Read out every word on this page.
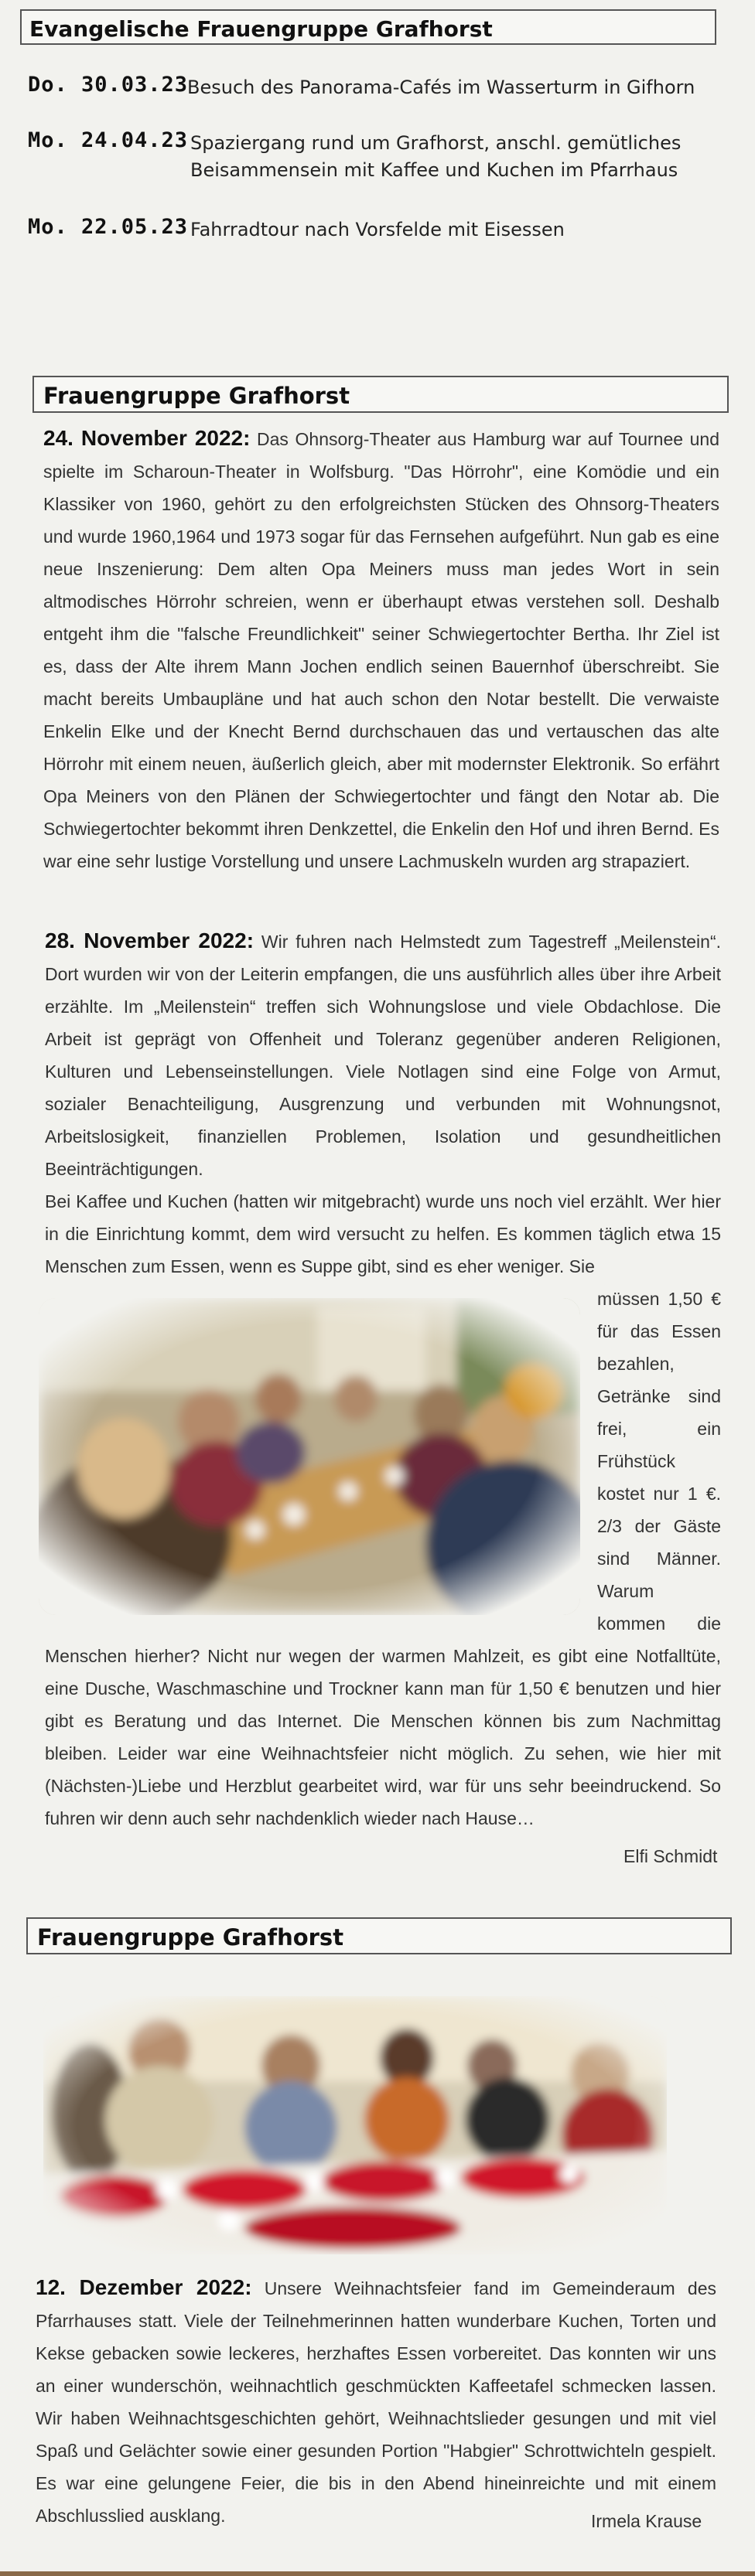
Evangelische Frauengruppe Grafhorst
Do. 30.03.23
Besuch des Panorama-Cafés im Wasserturm in Gifhorn
Mo. 24.04.23 Spaziergang rund um Grafhorst, anschl. gemütliches Beisammensein mit Kaffee und Kuchen im Pfarrhaus
Mo. 22.05.23 Fahrradtour nach Vorsfelde mit Eisessen
Frauengruppe Grafhorst
24. November 2022: Das Ohnsorg-Theater aus Hamburg war auf Tournee und spielte im Scharoun-Theater in Wolfsburg. "Das Hörrohr", eine Komödie und ein Klassiker von 1960, gehört zu den erfolgreichsten Stücken des Ohnsorg-Theaters und wurde 1960,1964 und 1973 sogar für das Fernsehen aufgeführt. Nun gab es eine neue Inszenierung: Dem alten Opa Meiners muss man jedes Wort in sein altmodisches Hörrohr schreien, wenn er überhaupt etwas verstehen soll. Deshalb entgeht ihm die "falsche Freundlichkeit" seiner Schwiegertochter Bertha. Ihr Ziel ist es, dass der Alte ihrem Mann Jochen endlich seinen Bauernhof überschreibt. Sie macht bereits Umbaupläne und hat auch schon den Notar bestellt. Die verwaiste Enkelin Elke und der Knecht Bernd durchschauen das und vertauschen das alte Hörrohr mit einem neuen, äußerlich gleich, aber mit modernster Elektronik. So erfährt Opa Meiners von den Plänen der Schwiegertochter und fängt den Notar ab. Die Schwiegertochter bekommt ihren Denkzettel, die Enkelin den Hof und ihren Bernd. Es war eine sehr lustige Vorstellung und unsere Lachmuskeln wurden arg strapaziert.

28. November 2022: Wir fuhren nach Helmstedt zum Tagestreff „Meilenstein“. Dort wurden wir von der Leiterin empfangen, die uns ausführlich alles über ihre Arbeit erzählte. Im „Meilenstein“ treffen sich Wohnungslose und viele Obdachlose. Die Arbeit ist geprägt von Offenheit und Toleranz gegenüber anderen Religionen, Kulturen und Lebenseinstellungen. Viele Notlagen sind eine Folge von Armut, sozialer Benachteiligung, Ausgrenzung und verbunden mit Wohnungsnot, Arbeitslosigkeit, finanziellen Problemen, Isolation und gesundheitlichen Beeinträchtigungen.

Bei Kaffee und Kuchen (hatten wir mitgebracht) wurde uns noch viel erzählt. Wer hier in die Einrichtung kommt, dem wird versucht zu helfen. Es kommen täglich etwa 15 Menschen zum Essen, wenn es Suppe gibt, sind es eher weniger. Sie

müssen 1,50 € für das Essen bezahlen, Getränke sind frei, ein Frühstück kostet nur 1 €. 2/3 der Gäste sind Männer. Warum kommen die Menschen hierher? Nicht nur wegen der warmen Mahlzeit, es gibt eine Notfalltüte, eine Dusche, Waschmaschine und Trockner kann man für 1,50 € benutzen und hier gibt es Beratung und das Internet. Die Menschen können bis zum Nachmittag bleiben. Leider war eine Weihnachtsfeier nicht möglich. Zu sehen, wie hier mit (Nächsten-)Liebe und Herzblut gearbeitet wird, war für uns sehr beeindruckend. So fuhren wir denn auch sehr nachdenklich wieder nach Hause…

Elfi Schmidt
Frauengruppe Grafhorst
12. Dezember 2022: Unsere Weihnachtsfeier fand im Gemeinderaum des Pfarrhauses statt. Viele der Teilnehmerinnen hatten wunderbare Kuchen, Torten und Kekse gebacken sowie leckeres, herzhaftes Essen vorbereitet. Das konnten wir uns an einer wunderschön, weihnachtlich geschmückten Kaffeetafel schmecken lassen. Wir haben Weihnachtsgeschichten gehört, Weihnachtslieder gesungen und mit viel Spaß und Gelächter sowie einer gesunden Portion "Habgier" Schrottwichteln gespielt. Es war eine gelungene Feier, die bis in den Abend hineinreichte und mit einem Abschlusslied ausklang.	Irmela Krause
